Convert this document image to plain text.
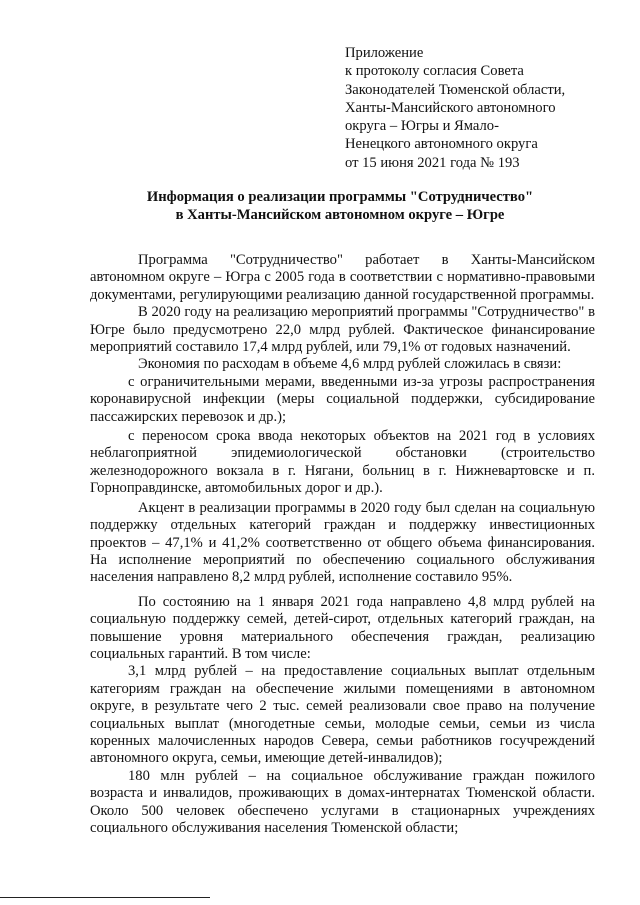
Приложение
к протоколу согласия Совета
Законодателей Тюменской области,
Ханты-Мансийского автономного
округа – Югры и Ямало-
Ненецкого автономного округа
от 15 июня 2021 года № 193
Информация о реализации программы "Сотрудничество"
в Ханты-Мансийском автономном округе – Югре

Программа "Сотрудничество" работает в Ханты-Мансийском автономном округе – Югра с 2005 года в соответствии с нормативно-правовыми документами, регулирующими реализацию данной государственной программы.

В 2020 году на реализацию мероприятий программы "Сотрудничество" в Югре было предусмотрено 22,0 млрд рублей. Фактическое финансирование мероприятий составило 17,4 млрд рублей, или 79,1% от годовых назначений.

Экономия по расходам в объеме 4,6 млрд рублей сложилась в связи:

с ограничительными мерами, введенными из-за угрозы распространения коронавирусной инфекции (меры социальной поддержки, субсидирование пассажирских перевозок и др.);

с переносом срока ввода некоторых объектов на 2021 год в условиях неблагоприятной эпидемиологической обстановки (строительство железнодорожного вокзала в г. Нягани, больниц в г. Нижневартовске и п. Горноправдинске, автомобильных дорог и др.).

Акцент в реализации программы в 2020 году был сделан на социальную поддержку отдельных категорий граждан и поддержку инвестиционных проектов – 47,1% и 41,2% соответственно от общего объема финансирования. На исполнение мероприятий по обеспечению социального обслуживания населения направлено 8,2 млрд рублей, исполнение составило 95%.

По состоянию на 1 января 2021 года направлено 4,8 млрд рублей на социальную поддержку семей, детей-сирот, отдельных категорий граждан, на повышение уровня материального обеспечения граждан, реализацию социальных гарантий. В том числе:

3,1 млрд рублей – на предоставление социальных выплат отдельным категориям граждан на обеспечение жилыми помещениями в автономном округе, в результате чего 2 тыс. семей реализовали свое право на получение социальных выплат (многодетные семьи, молодые семьи, семьи из числа коренных малочисленных народов Севера, семьи работников госучреждений автономного округа, семьи, имеющие детей-инвалидов);

180 млн рублей – на социальное обслуживание граждан пожилого возраста и инвалидов, проживающих в домах-интернатах Тюменской области. Около 500 человек обеспечено услугами в стационарных учреждениях социального обслуживания населения Тюменской области;
